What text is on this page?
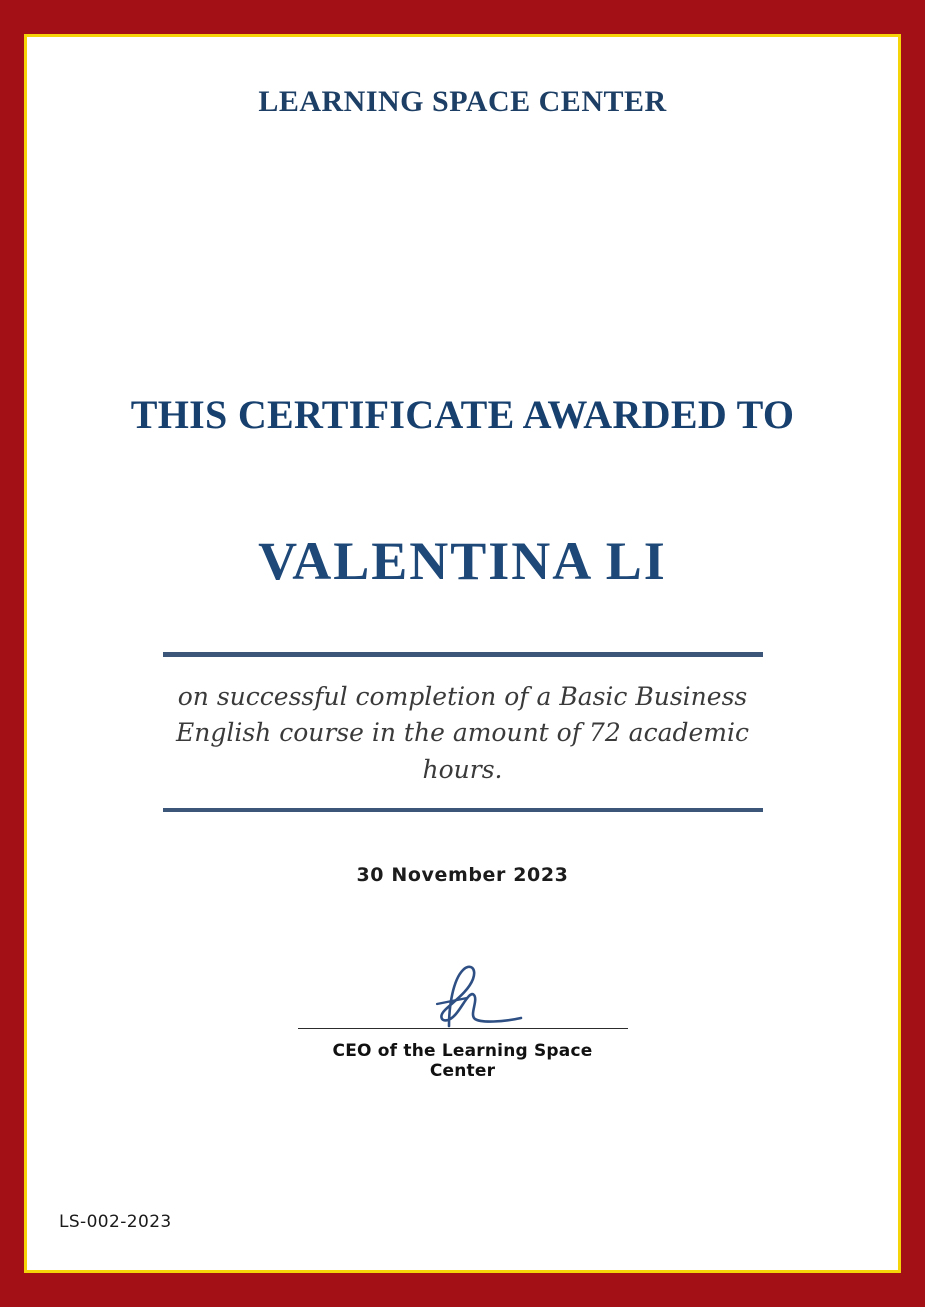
LEARNING SPACE CENTER
THIS CERTIFICATE AWARDED TO
VALENTINA LI
on successful completion of a Basic Business English course in the amount of 72 academic hours.
30 November 2023
CEO of the Learning Space Center
LS-002-2023
